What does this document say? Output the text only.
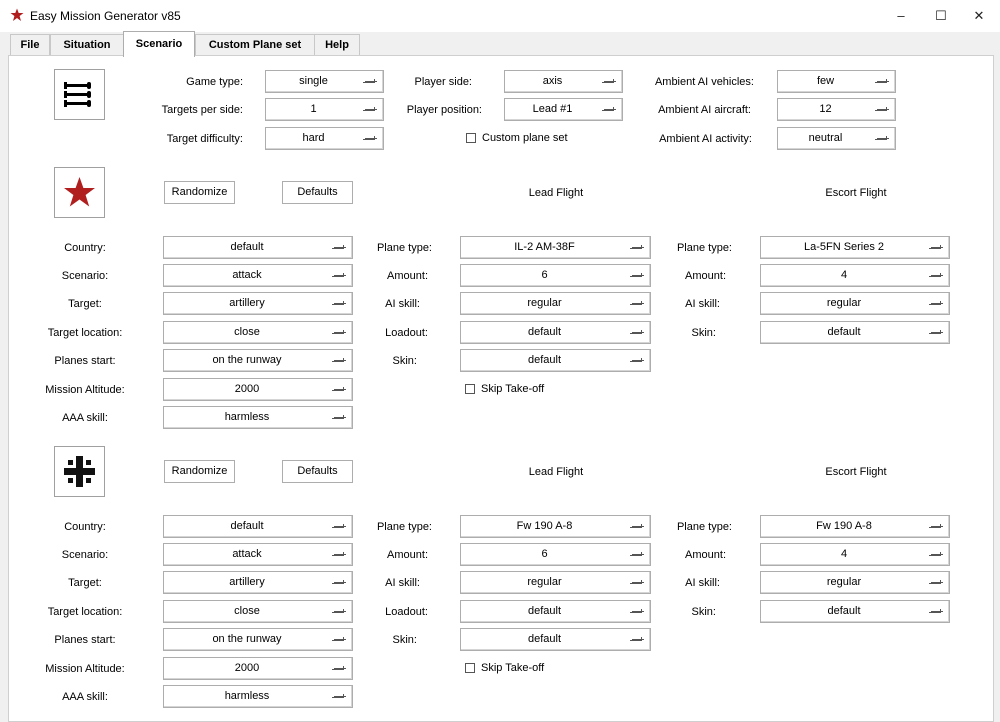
Easy Mission Generator v85	–	☐	✕
File	Situation	Scenario	Custom Plane set	Help
Game type:	single	Player side:	axis	Ambient AI vehicles:	few
Targets per side:	1	Player position:	Lead #1	Ambient AI aircraft:	12
Target difficulty:	hard	Custom plane set	Ambient AI activity:	neutral
Randomize	Defaults	Lead Flight	Escort Flight
Country:	default
Scenario:	attack
Target:	artillery
Target location:	close
Planes start:	on the runway
Mission Altitude:	2000
AAA skill:	harmless
Plane type:	IL-2 AM-38F
Amount:	6
AI skill:	regular
Loadout:	default
Skin:	default
Skip Take-off
Plane type:	La-5FN Series 2
Amount:	4
AI skill:	regular
Skin:	default
Randomize	Defaults	Lead Flight	Escort Flight
Country:	default
Scenario:	attack
Target:	artillery
Target location:	close
Planes start:	on the runway
Mission Altitude:	2000
AAA skill:	harmless
Plane type:	Fw 190 A-8
Amount:	6
AI skill:	regular
Loadout:	default
Skin:	default
Skip Take-off
Plane type:	Fw 190 A-8
Amount:	4
AI skill:	regular
Skin:	default
